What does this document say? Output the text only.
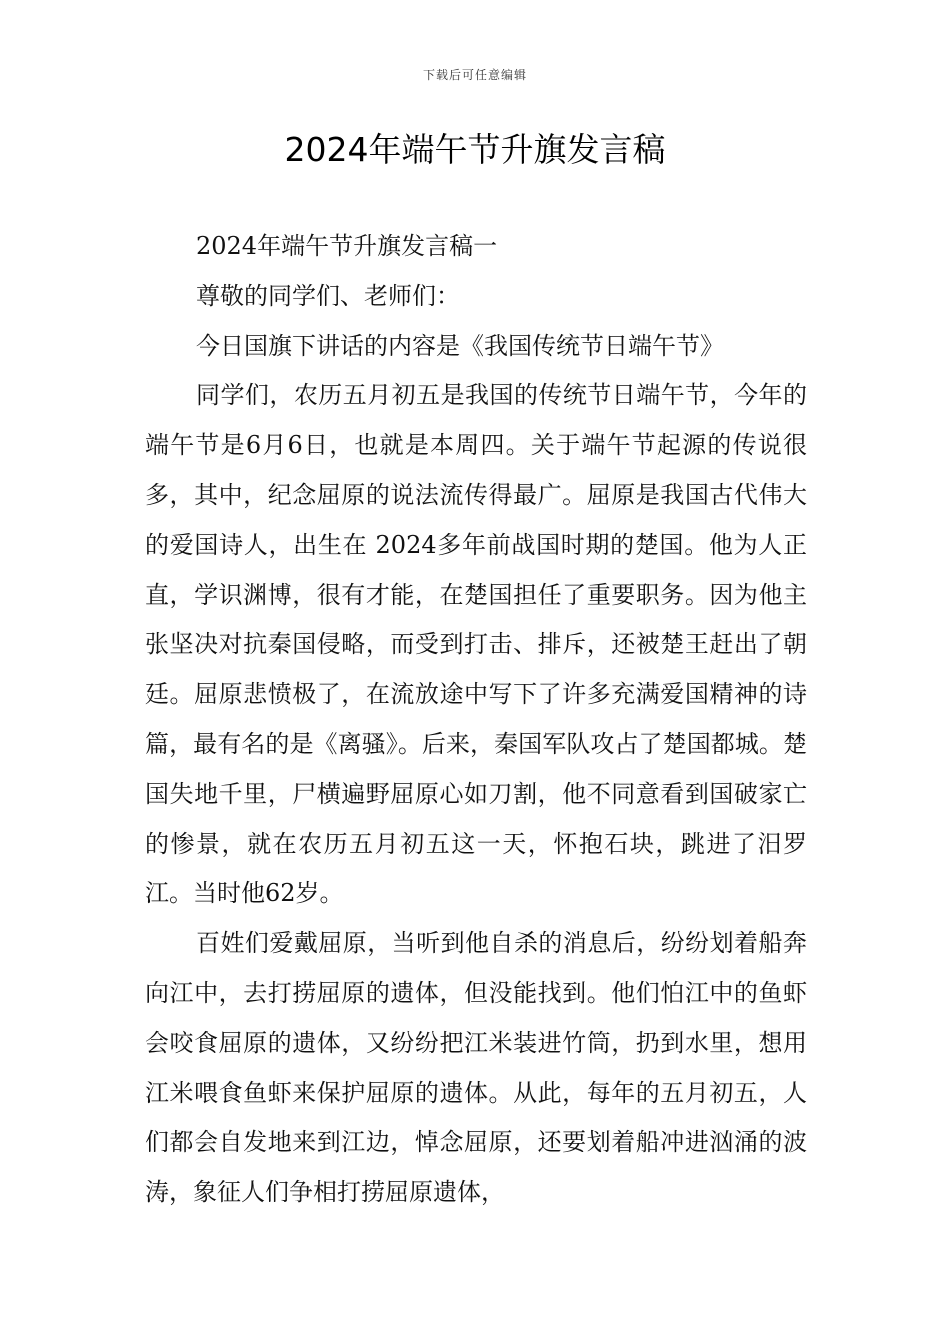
下载后可任意编辑
2024年端午节升旗发言稿

2024年端午节升旗发言稿一

尊敬的同学们、老师们：

今日国旗下讲话的内容是《我国传统节日端午节》

同学们，农历五月初五是我国的传统节日端午节，今年的端午节是6月6日，也就是本周四。关于端午节起源的传说很多，其中，纪念屈原的说法流传得最广。屈原是我国古代伟大的爱国诗人，出生在 2024多年前战国时期的楚国。他为人正直，学识渊博，很有才能，在楚国担任了重要职务。因为他主张坚决对抗秦国侵略，而受到打击、排斥，还被楚王赶出了朝廷。屈原悲愤极了，在流放途中写下了许多充满爱国精神的诗篇，最有名的是《离骚》。后来，秦国军队攻占了楚国都城。楚国失地千里，尸横遍野屈原心如刀割，他不同意看到国破家亡的惨景，就在农历五月初五这一天，怀抱石块，跳进了汨罗江。当时他62岁。

百姓们爱戴屈原，当听到他自杀的消息后，纷纷划着船奔向江中，去打捞屈原的遗体，但没能找到。他们怕江中的鱼虾会咬食屈原的遗体，又纷纷把江米装进竹筒，扔到水里，想用江米喂食鱼虾来保护屈原的遗体。从此，每年的五月初五，人们都会自发地来到江边，悼念屈原，还要划着船冲进汹涌的波涛，象征人们争相打捞屈原遗体，
